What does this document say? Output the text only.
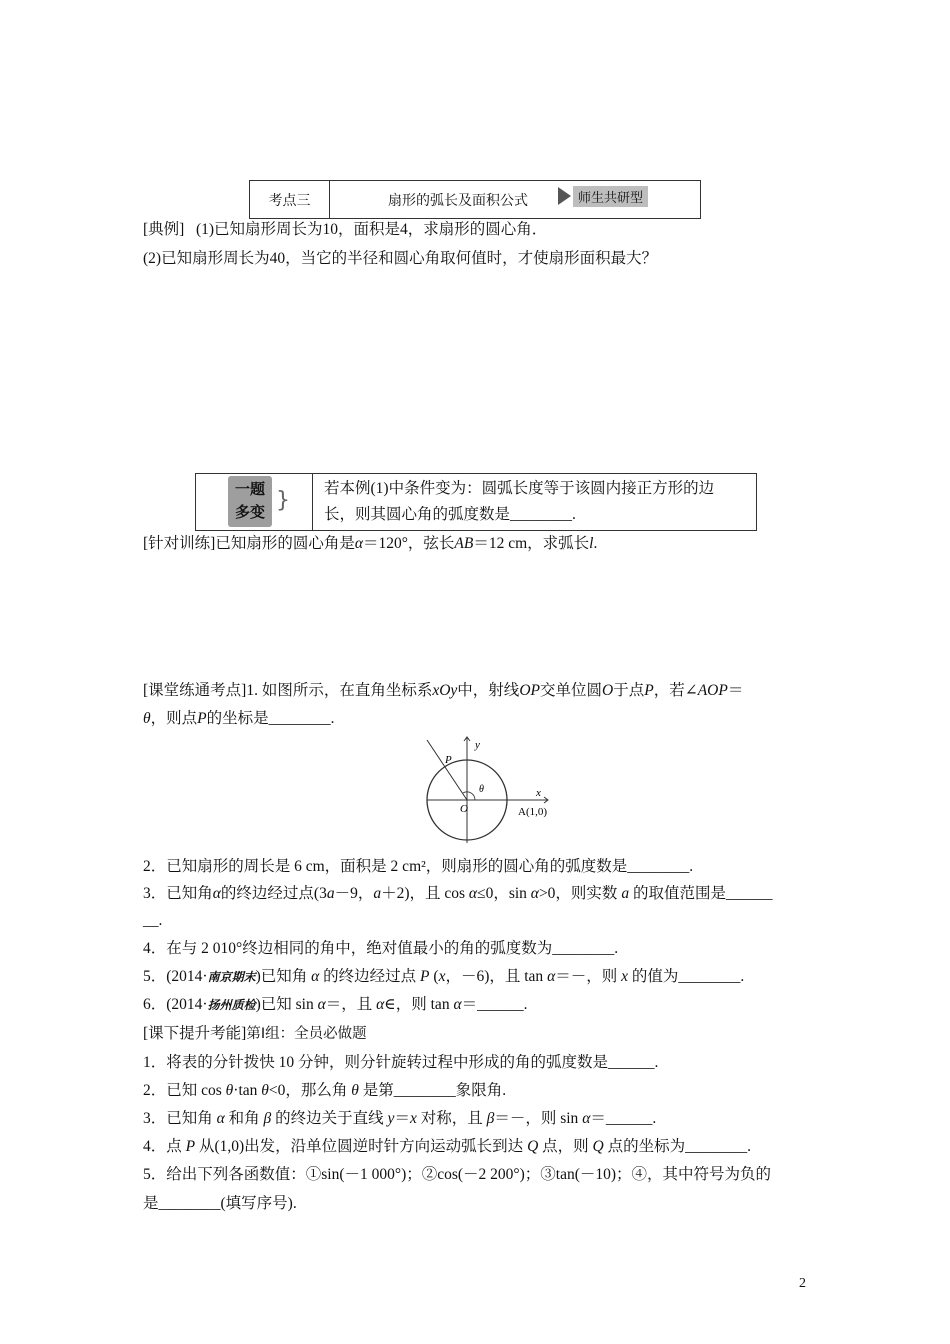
考点三	扇形的弧长及面积公式	师生共研型
[典例] (1)已知扇形周长为10，面积是4，求扇形的圆心角．
(2)已知扇形周长为40，当它的半径和圆心角取何值时，才使扇形面积最大？
一题
多变 } 若本例(1)中条件变为：圆弧长度等于该圆内接正方形的边
长，则其圆心角的弧度数是________.
[针对训练]已知扇形的圆心角是α＝120°，弦长AB＝12 cm，求弧长l.
[课堂练通考点]1. 如图所示，在直角坐标系xOy中，射线OP交单位圆O于点P，若∠AOP＝
θ，则点P的坐标是________.
y
x
P
O
θ
A(1,0)
2．已知扇形的周长是 6 cm，面积是 2 cm²，则扇形的圆心角的弧度数是________.
3．已知角α的终边经过点(3a－9，a＋2)，且 cos α≤0，sin α>0，则实数 a 的取值范围是______
__.
4．在与 2 010°终边相同的角中，绝对值最小的角的弧度数为________.
5．(2014·南京期末)已知角 α 的终边经过点 P (x，－6)，且 tan α＝－，则 x 的值为________.
6．(2014·扬州质检)已知 sin α＝，且 α∈，则 tan α＝______.
[课下提升考能]第Ⅰ组：全员必做题
1．将表的分针拨快 10 分钟，则分针旋转过程中形成的角的弧度数是______.
2．已知 cos θ·tan θ<0，那么角 θ 是第________象限角.
3．已知角 α 和角 β 的终边关于直线 y＝x 对称，且 β＝－，则 sin α＝______.
4．点 P 从(1,0)出发，沿单位圆逆时针方向运动弧长到达 Q 点，则 Q 点的坐标为________.
5．给出下列各函数值：①sin(－1 000°)；②cos(－2 200°)；③tan(－10)；④，其中符号为负的
是________(填写序号).
2
